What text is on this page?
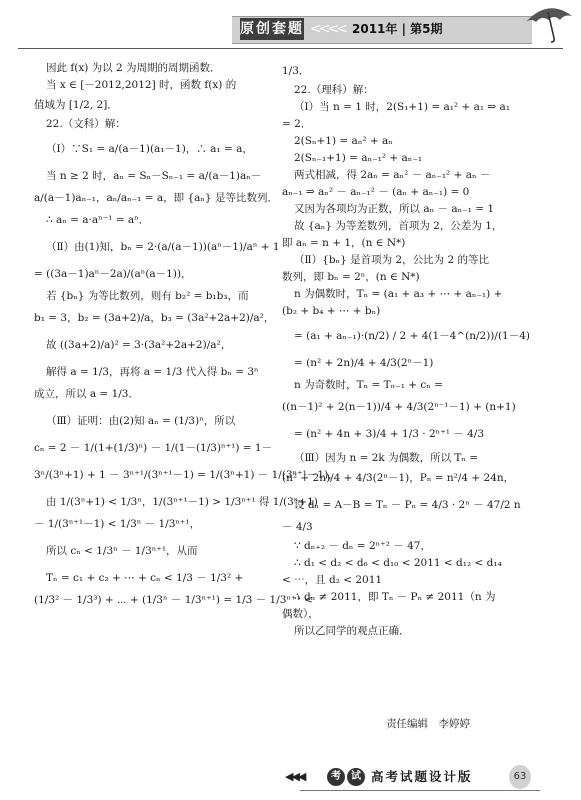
原创套题 <<<< 2011年 | 第5期

因此 f(x) 为以 2 为周期的周期函数．

当 x ∈ [－2012,2012] 时，函数 f(x) 的

值域为 [1/2, 2]．

22.（文科）解：

（Ⅰ）∵S₁ = a/(a－1)(a₁－1)，∴ a₁ = a，

当 n ≥ 2 时，aₙ = Sₙ－Sₙ₋₁ = a/(a－1)aₙ－

a/(a－1)aₙ₋₁，aₙ/aₙ₋₁ = a，即 {aₙ} 是等比数列．

∴ aₙ = a·aⁿ⁻¹ = aⁿ．

（Ⅱ）由(1)知，bₙ = 2·(a/(a－1))(aⁿ－1)/aⁿ + 1

= ((3a－1)aⁿ－2a)/(aⁿ(a－1))，

若 {bₙ} 为等比数列，则有 b₂² = b₁b₃，而

b₁ = 3，b₂ = (3a+2)/a，b₃ = (3a²+2a+2)/a²，

故 ((3a+2)/a)² = 3·(3a²+2a+2)/a²，

解得 a = 1/3，再将 a = 1/3 代入得 bₙ = 3ⁿ

成立，所以 a = 1/3．

（Ⅲ）证明：由(2)知 aₙ = (1/3)ⁿ，所以

cₙ = 2 － 1/(1+(1/3)ⁿ) － 1/(1－(1/3)ⁿ⁺¹) = 1－

3ⁿ/(3ⁿ+1) + 1 － 3ⁿ⁺¹/(3ⁿ⁺¹－1) = 1/(3ⁿ+1) － 1/(3ⁿ⁺¹－1)，

由 1/(3ⁿ+1) < 1/3ⁿ，1/(3ⁿ⁺¹－1) > 1/3ⁿ⁺¹ 得 1/(3ⁿ+1)

－ 1/(3ⁿ⁺¹－1) < 1/3ⁿ － 1/3ⁿ⁺¹，

所以 cₙ < 1/3ⁿ － 1/3ⁿ⁺¹，从而

Tₙ = c₁ + c₂ + ⋯ + cₙ < 1/3 － 1/3² +

(1/3² － 1/3³) + ⋯ + (1/3ⁿ － 1/3ⁿ⁺¹) = 1/3 － 1/3ⁿ⁺¹ <

1/3．

22.（理科）解：

（Ⅰ）当 n = 1 时，2(S₁+1) = a₁² + a₁ ⇒ a₁

= 2．

2(Sₙ+1) = aₙ² + aₙ

2(Sₙ₋₁+1) = aₙ₋₁² + aₙ₋₁

两式相减，得 2aₙ = aₙ² － aₙ₋₁² + aₙ －

aₙ₋₁ ⇒ aₙ² － aₙ₋₁² － (aₙ + aₙ₋₁) = 0

又因为各项均为正数，所以 aₙ － aₙ₋₁ = 1

故 {aₙ} 为等差数列，首项为 2，公差为 1，

即 aₙ = n + 1，(n ∈ N*)

（Ⅱ）{bₙ} 是首项为 2，公比为 2 的等比

数列，即 bₙ = 2ⁿ，(n ∈ N*)

n 为偶数时，Tₙ = (a₁ + a₃ + ⋯ + aₙ₋₁) +

(b₂ + b₄ + ⋯ + bₙ)

= (a₁ + aₙ₋₁)·(n/2) / 2 + 4(1－4^(n/2))/(1－4)

= (n² + 2n)/4 + 4/3(2ⁿ－1)

n 为奇数时，Tₙ = Tₙ₋₁ + cₙ =

((n－1)² + 2(n－1))/4 + 4/3(2ⁿ⁻¹－1) + (n+1)

= (n² + 4n + 3)/4 + 1/3 · 2ⁿ⁺¹ － 4/3

（Ⅲ）因为 n = 2k 为偶数，所以 Tₙ =

(n² + 2n)/4 + 4/3(2ⁿ－1)，Pₙ = n²/4 + 24n，

设 dₙ = A－B = Tₙ － Pₙ = 4/3 · 2ⁿ － 47/2 n

－ 4/3

∵ dₙ₊₂ － dₙ = 2ⁿ⁺² － 47，

∴ d₁ < d₂ < d₆ < d₁₀ < 2011 < d₁₂ < d₁₄

< ⋯，且 d₂ < 2011

∴ dₙ ≠ 2011，即 Tₙ － Pₙ ≠ 2011（n 为

偶数），

所以乙同学的观点正确．

责任编辑　李婷婷
◀◀◀	考	试 高考试题设计版	63
